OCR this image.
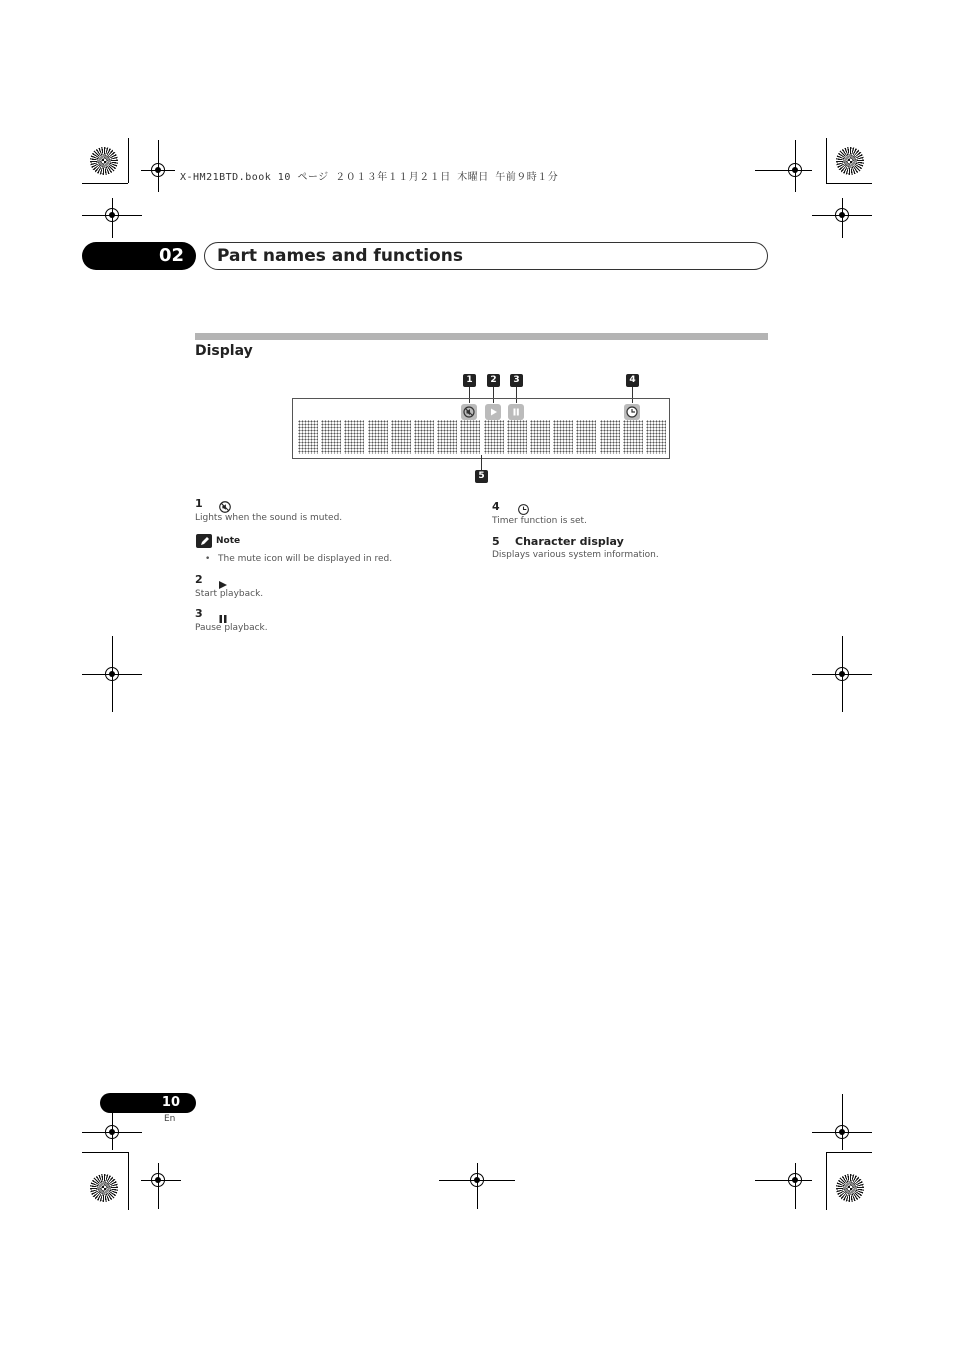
X-HM21BTD.book 10 ページ ２０１３年１１月２１日 木曜日 午前９時１分
02	Part names and functions
Display
1	2	3	4
5
1
Lights when the sound is muted.
Note
• The mute icon will be displayed in red.
2
Start playback.
3
Pause playback.
4
Timer function is set.
5 Character display
Displays various system information.
10
En
